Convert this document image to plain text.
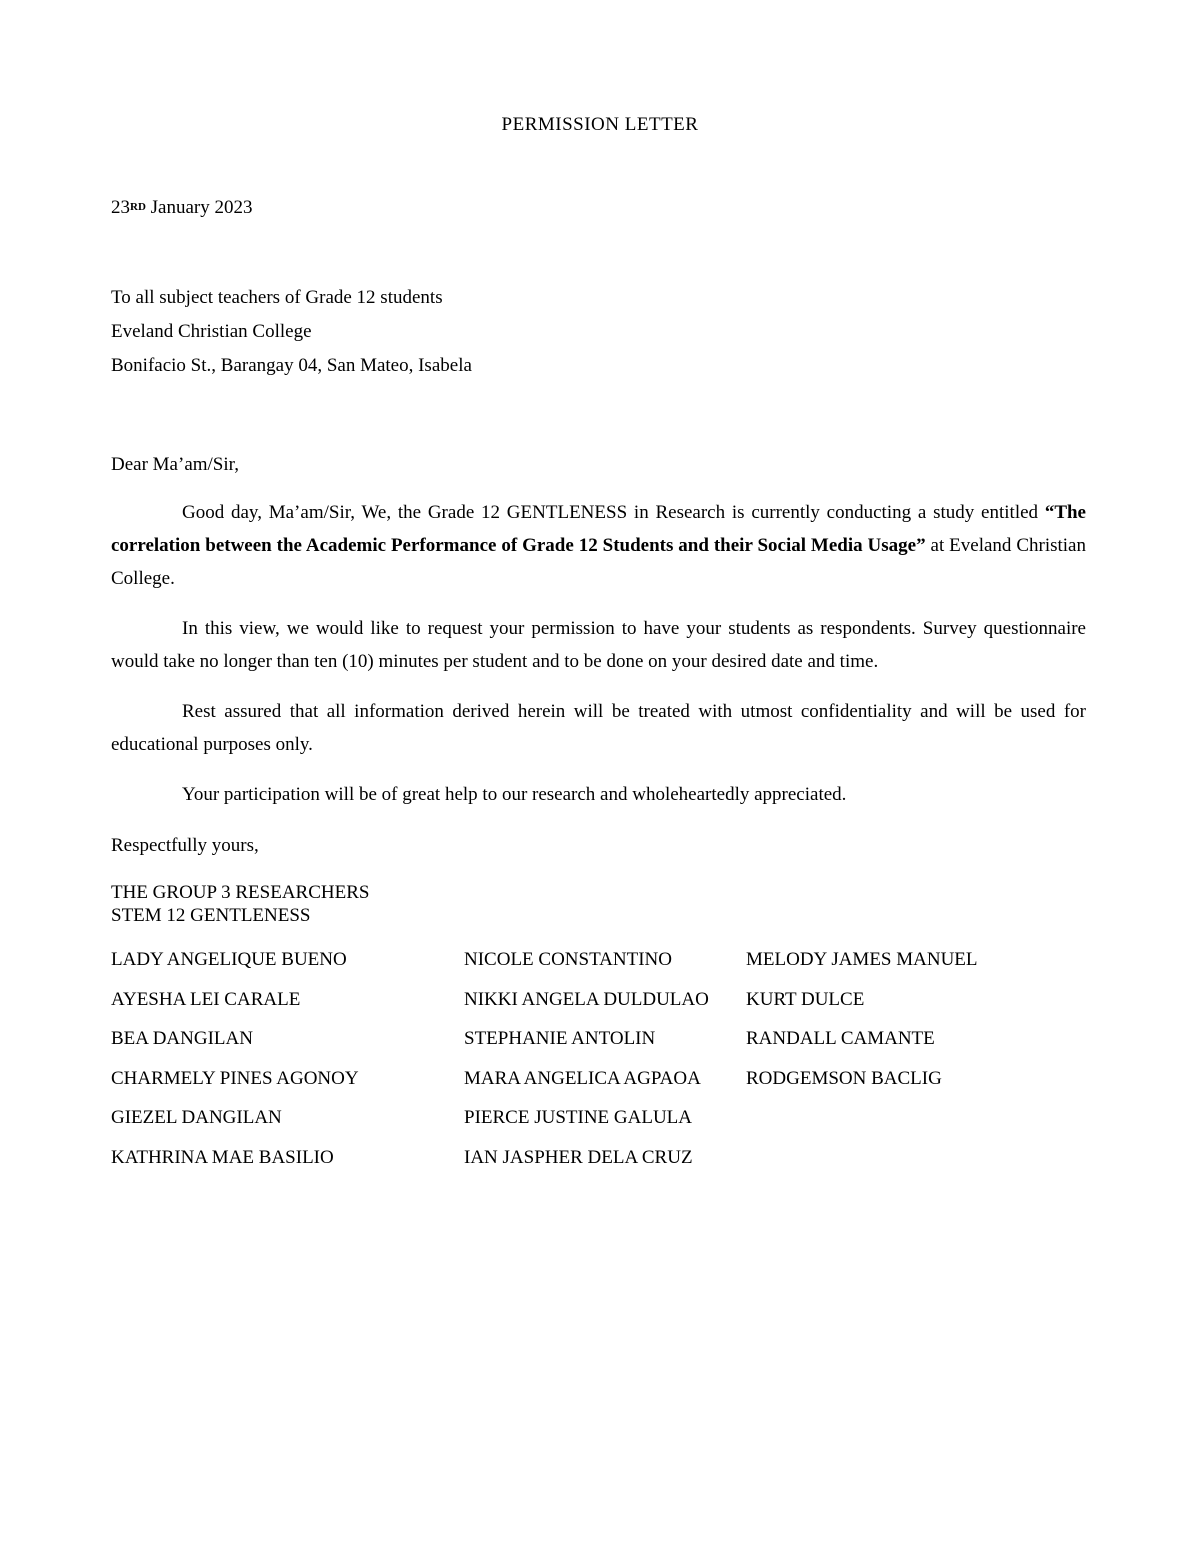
PERMISSION LETTER
23RD January 2023
To all subject teachers of Grade 12 students
Eveland Christian College
Bonifacio St., Barangay 04, San Mateo, Isabela
Dear Ma’am/Sir,
Good day, Ma’am/Sir, We, the Grade 12 GENTLENESS in Research is currently conducting a study entitled “The correlation between the Academic Performance of Grade 12 Students and their Social Media Usage” at Eveland Christian College.
In this view, we would like to request your permission to have your students as respondents. Survey questionnaire would take no longer than ten (10) minutes per student and to be done on your desired date and time.
Rest assured that all information derived herein will be treated with utmost confidentiality and will be used for educational purposes only.
Your participation will be of great help to our research and wholeheartedly appreciated.
Respectfully yours,
THE GROUP 3 RESEARCHERS
STEM 12 GENTLENESS
LADY ANGELIQUE BUENO
AYESHA LEI CARALE
BEA DANGILAN
CHARMELY PINES AGONOY
GIEZEL DANGILAN
KATHRINA MAE BASILIO
NICOLE CONSTANTINO
NIKKI ANGELA DULDULAO
STEPHANIE ANTOLIN
MARA ANGELICA AGPAOA
PIERCE JUSTINE GALULA
IAN JASPHER DELA CRUZ
MELODY JAMES MANUEL
KURT DULCE
RANDALL CAMANTE
RODGEMSON BACLIG
